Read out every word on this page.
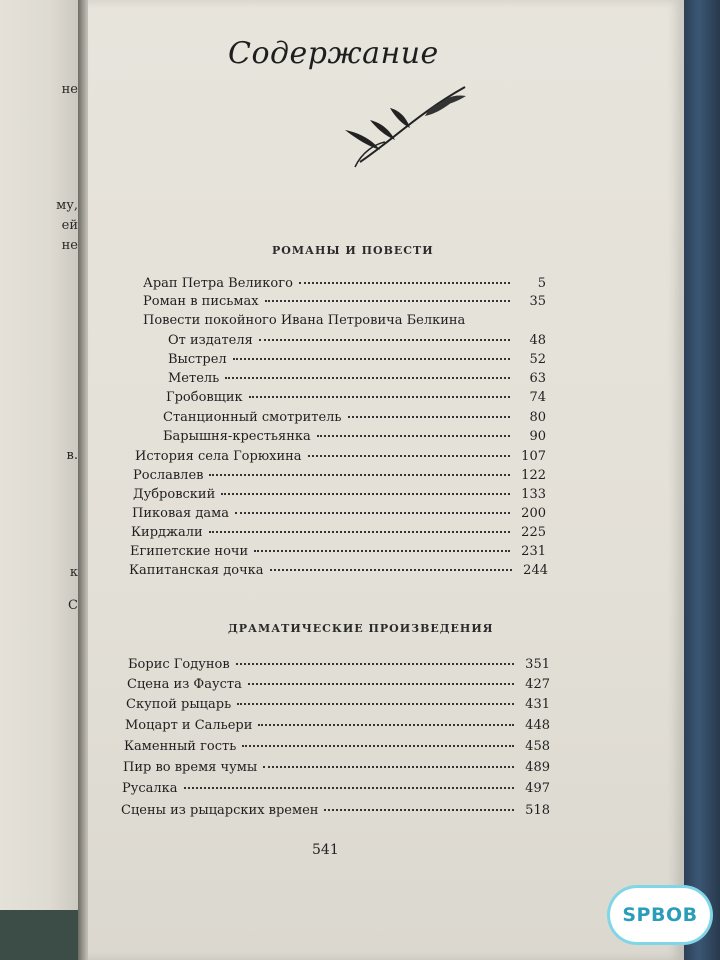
не
му,
ей
не
в.
к
С
Содержание
РОМАНЫ И ПОВЕСТИ
Арап Петра Великого	5
Роман в письмах	35
Повести покойного Ивана Петровича Белкина
От издателя	48
Выстрел	52
Метель	63
Гробовщик	74
Станционный смотритель	80
Барышня-крестьянка	90
История села Горюхина	107
Рославлев	122
Дубровский	133
Пиковая дама	200
Кирджали	225
Египетские ночи	231
Капитанская дочка	244
ДРАМАТИЧЕСКИЕ ПРОИЗВЕДЕНИЯ
Борис Годунов	351
Сцена из Фауста	427
Скупой рыцарь	431
Моцарт и Сальери	448
Каменный гость	458
Пир во время чумы	489
Русалка	497
Сцены из рыцарских времен	518
541
SPBOB
